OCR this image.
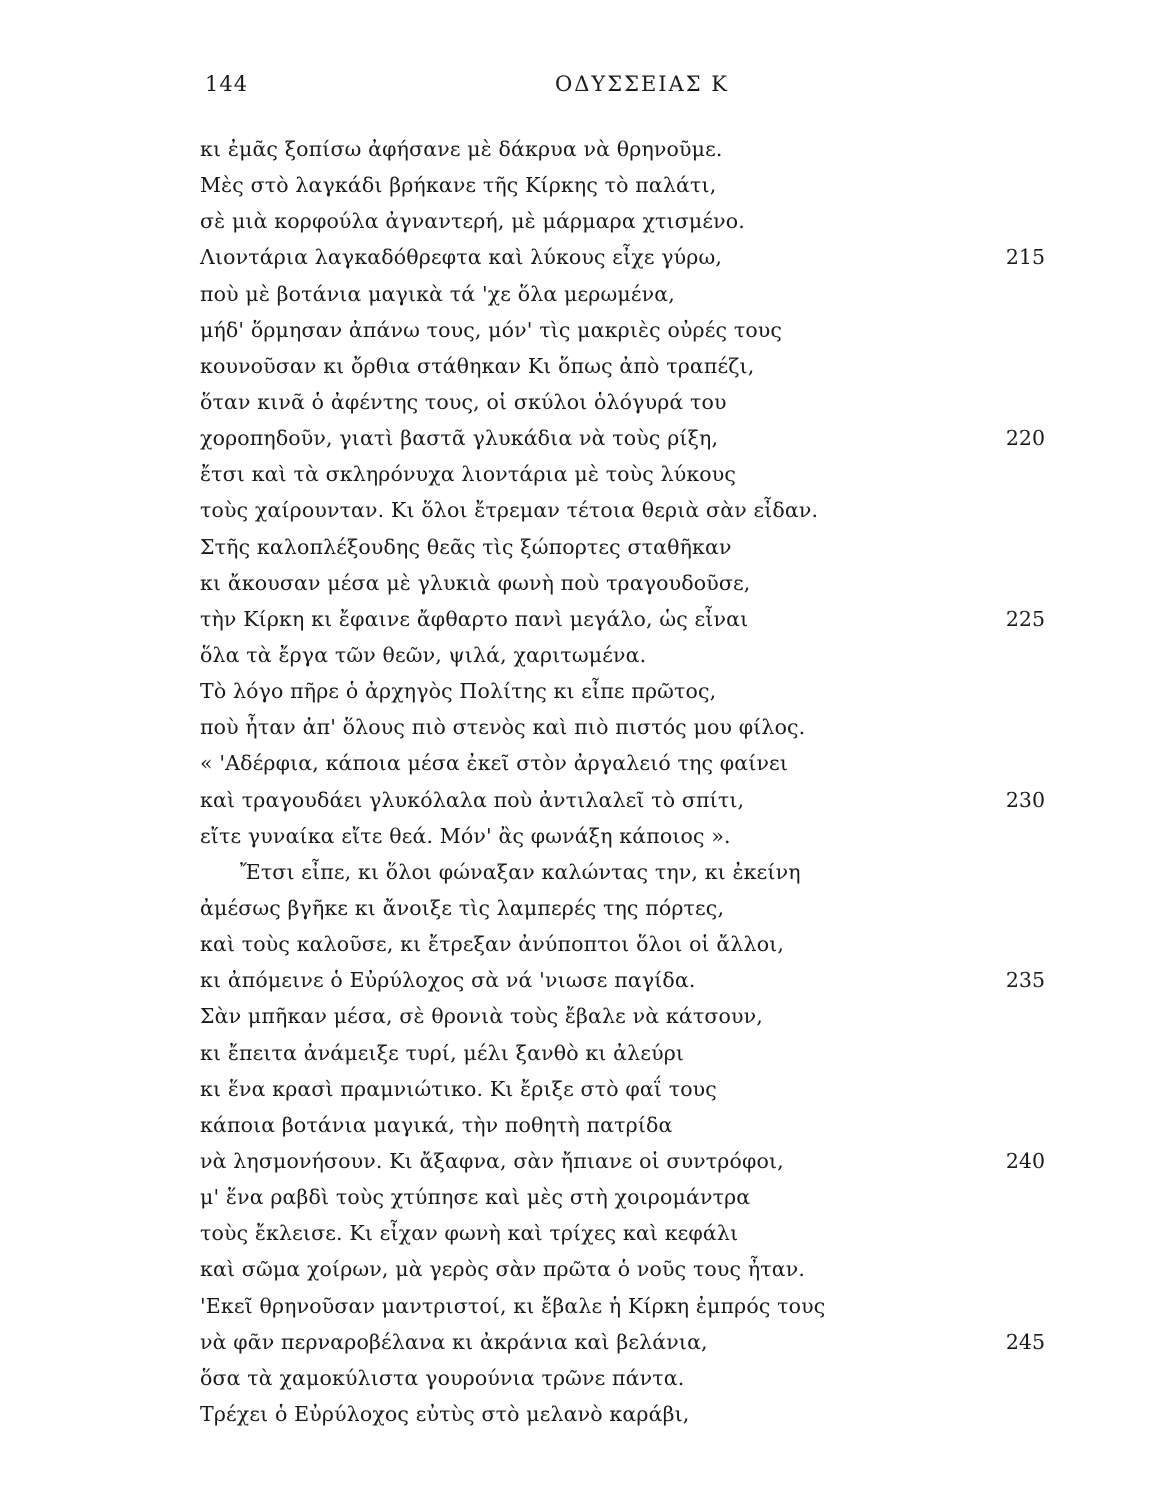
144	ΟΔΥΣΣΕΙΑΣ Κ
κι ἐμᾶς ξοπίσω ἀφήσανε μὲ δάκρυα νὰ θρηνοῦμε.
Μὲς στὸ λαγκάδι βρήκανε τῆς Κίρκης τὸ παλάτι,
σὲ μιὰ κορφούλα ἀγναντερή, μὲ μάρμαρα χτισμένο.
Λιοντάρια λαγκαδόθρεφτα καὶ λύκους εἶχε γύρω,	215
ποὺ μὲ βοτάνια μαγικὰ τά 'χε ὅλα μερωμένα,
μήδ' ὅρμησαν ἀπάνω τους, μόν' τὶς μακριὲς οὐρές τους
κουνοῦσαν κι ὄρθια στάθηκαν Κι ὅπως ἀπὸ τραπέζι,
ὅταν κινᾶ ὁ ἀφέντης τους, οἱ σκύλοι ὁλόγυρά του
χοροπηδοῦν, γιατὶ βαστᾶ γλυκάδια νὰ τοὺς ρίξη,	220
ἔτσι καὶ τὰ σκληρόνυχα λιοντάρια μὲ τοὺς λύκους
τοὺς χαίρουνταν. Κι ὅλοι ἔτρεμαν τέτοια θεριὰ σὰν εἶδαν.
Στῆς καλοπλέξουδης θεᾶς τὶς ξώπορτες σταθῆκαν
κι ἄκουσαν μέσα μὲ γλυκιὰ φωνὴ ποὺ τραγουδοῦσε,
τὴν Κίρκη κι ἔφαινε ἄφθαρτο πανὶ μεγάλο, ὡς εἶναι	225
ὅλα τὰ ἔργα τῶν θεῶν, ψιλά, χαριτωμένα.
Τὸ λόγο πῆρε ὁ ἀρχηγὸς Πολίτης κι εἶπε πρῶτος,
ποὺ ἦταν ἀπ' ὅλους πιὸ στενὸς καὶ πιὸ πιστός μου φίλος.
« 'Αδέρφια, κάποια μέσα ἐκεῖ στὸν ἀργαλειό της φαίνει
καὶ τραγουδάει γλυκόλαλα ποὺ ἀντιλαλεῖ τὸ σπίτι,	230
εἴτε γυναίκα εἴτε θεά. Μόν' ἂς φωνάξη κάποιος ».
Ἔτσι εἶπε, κι ὅλοι φώναξαν καλώντας την, κι ἐκείνη
ἀμέσως βγῆκε κι ἄνοιξε τὶς λαμπερές της πόρτες,
καὶ τοὺς καλοῦσε, κι ἔτρεξαν ἀνύποπτοι ὅλοι οἱ ἄλλοι,
κι ἀπόμεινε ὁ Εὐρύλοχος σὰ νά 'νιωσε παγίδα.	235
Σὰν μπῆκαν μέσα, σὲ θρονιὰ τοὺς ἔβαλε νὰ κάτσουν,
κι ἔπειτα ἀνάμειξε τυρί, μέλι ξανθὸ κι ἀλεύρι
κι ἕνα κρασὶ πραμνιώτικο. Κι ἔριξε στὸ φαΐ τους
κάποια βοτάνια μαγικά, τὴν ποθητὴ πατρίδα
νὰ λησμονήσουν. Κι ἄξαφνα, σὰν ἤπιανε οἱ συντρόφοι,	240
μ' ἕνα ραβδὶ τοὺς χτύπησε καὶ μὲς στὴ χοιρομάντρα
τοὺς ἔκλεισε. Κι εἶχαν φωνὴ καὶ τρίχες καὶ κεφάλι
καὶ σῶμα χοίρων, μὰ γερὸς σὰν πρῶτα ὁ νοῦς τους ἦταν.
'Εκεῖ θρηνοῦσαν μαντριστοί, κι ἔβαλε ἡ Κίρκη ἐμπρός τους
νὰ φᾶν περναροβέλανα κι ἀκράνια καὶ βελάνια,	245
ὅσα τὰ χαμοκύλιστα γουρούνια τρῶνε πάντα.
Τρέχει ὁ Εὐρύλοχος εὐτὺς στὸ μελανὸ καράβι,
